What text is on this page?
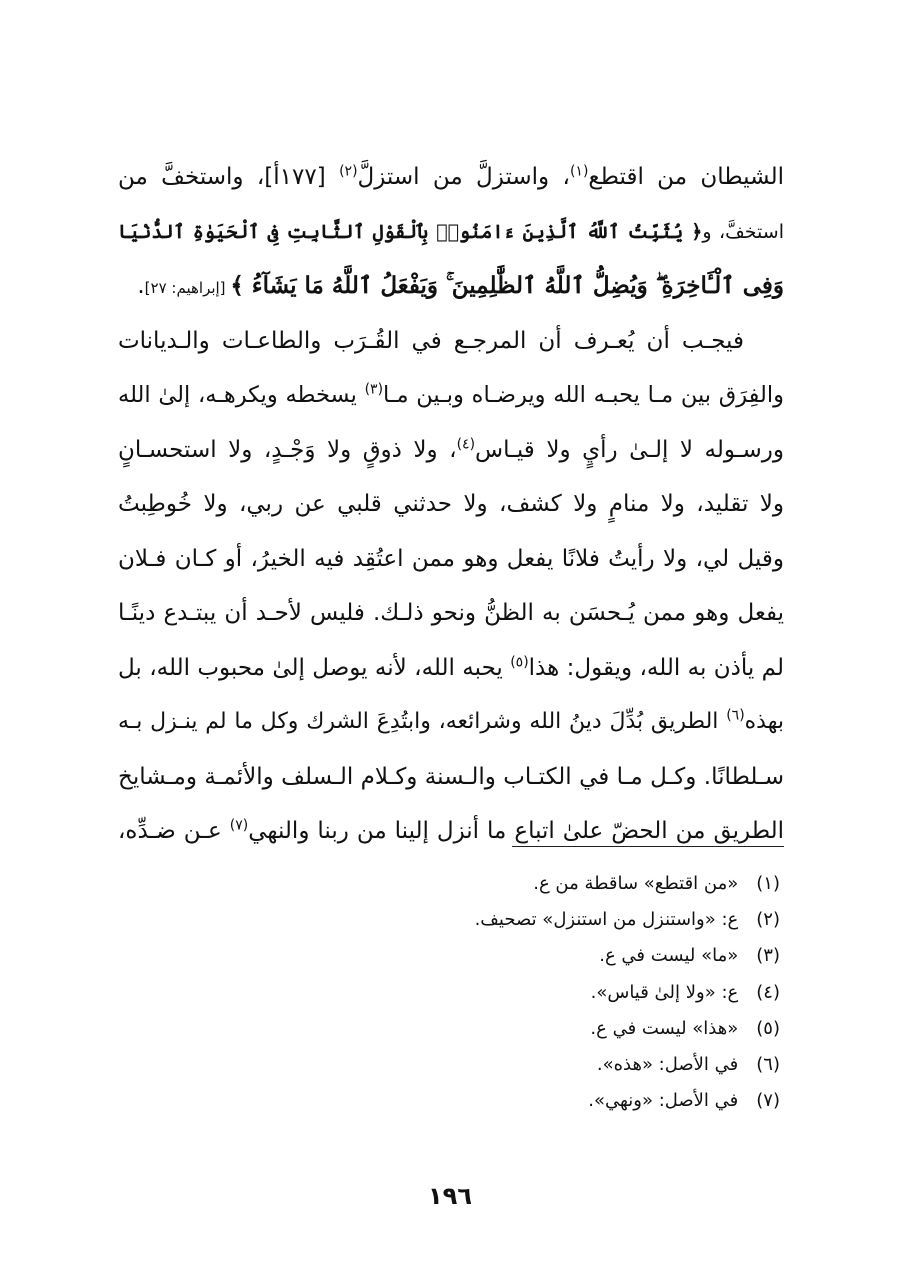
الشيطان من اقتطع$^{(١)}$، واستزلَّ من استزلَّ$^{(٢)}$ [١٧٧أ]، واستخفَّ من
استخفَّ، و﴿ يُثَبِّتُ ٱللَّهُ ٱلَّذِينَ ءَامَنُوا۟ بِٱلْقَوْلِ ٱلثَّابِتِ فِى ٱلْحَيَوٰةِ ٱلدُّنْيَا
وَفِى ٱلْـَٔاخِرَةِ ۖ وَيُضِلُّ ٱللَّهُ ٱلظَّٰلِمِينَ ۚ وَيَفْعَلُ ٱللَّهُ مَا يَشَآءُ ﴾ [إبراهيم: ٢٧].
فيجـب أن يُعـرف أن المرجـع في القُـرَب والطاعـات والـديانات
والفِرَق بين مـا يحبـه الله ويرضـاه وبـين مـا$^{(٣)}$ يسخطه ويكرهـه، إلىٰ الله
ورسـوله لا إلـىٰ رأيٍ ولا قيـاس$^{(٤)}$، ولا ذوقٍ ولا وَجْـدٍ، ولا استحسـانٍ
ولا تقليد، ولا منامٍ ولا كشف، ولا حدثني قلبي عن ربي، ولا خُوطِبتُ
وقيل لي، ولا رأيتُ فلانًا يفعل وهو ممن اعتُقِد فيه الخيرُ، أو كـان فـلان
يفعل وهو ممن يُـحسَن به الظنُّ ونحو ذلـك. فليس لأحـد أن يبتـدع دينًـا
لم يأذن به الله، ويقول: هذا$^{(٥)}$ يحبه الله، لأنه يوصل إلىٰ محبوب الله، بل
بهذه$^{(٦)}$ الطريق بُدِّلَ دينُ الله وشرائعه، وابتُدِعَ الشرك وكل ما لم ينـزل بـه
سـلطانًا. وكـل مـا في الكتـاب والـسنة وكـلام الـسلف والأئمـة ومـشايخ
الطريق من الحضّ علىٰ اتباع ما أنزل إلينا من ربنا والنهي$^{(٧)}$ عـن ضـدِّه،
(١) «من اقتطع» ساقطة من ع.
(٢) ع: «واستنزل من استنزل» تصحيف.
(٣) «ما» ليست في ع.
(٤) ع: «ولا إلىٰ قياس».
(٥) «هذا» ليست في ع.
(٦) في الأصل: «هذه».
(٧) في الأصل: «ونهي».
١٩٦
